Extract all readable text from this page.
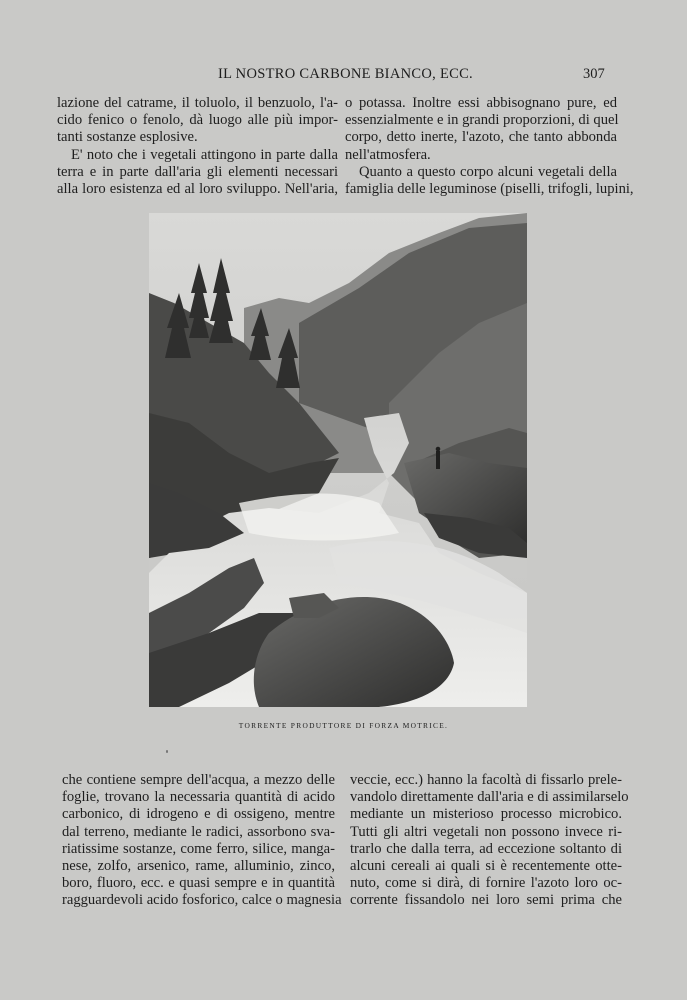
IL NOSTRO CARBONE BIANCO, ECC.	307
lazione del catrame, il toluolo, il benzuolo, l'a-
cido fenico o fenolo, dà luogo alle più impor-
tanti sostanze esplosive.
E' noto che i vegetali attingono in parte dalla
terra e in parte dall'aria gli elementi necessari
alla loro esistenza ed al loro sviluppo. Nell'aria,
o potassa. Inoltre essi abbisognano pure, ed
essenzialmente e in grandi proporzioni, di quel
corpo, detto inerte, l'azoto, che tanto abbonda
nell'atmosfera.
Quanto a questo corpo alcuni vegetali della
famiglia delle leguminose (piselli, trifogli, lupini,
TORRENTE PRODUTTORE DI FORZA MOTRICE.
che contiene sempre dell'acqua, a mezzo delle
foglie, trovano la necessaria quantità di acido
carbonico, di idrogeno e di ossigeno, mentre
dal terreno, mediante le radici, assorbono sva-
riatissime sostanze, come ferro, silice, manga-
nese, zolfo, arsenico, rame, alluminio, zinco,
boro, fluoro, ecc. e quasi sempre e in quantità
ragguardevoli acido fosforico, calce o magnesia
veccie, ecc.) hanno la facoltà di fissarlo prele-
vandolo direttamente dall'aria e di assimilarselo
mediante un misterioso processo microbico.
Tutti gli altri vegetali non possono invece ri-
trarlo che dalla terra, ad eccezione soltanto di
alcuni cereali ai quali si è recentemente otte-
nuto, come si dirà, di fornire l'azoto loro oc-
corrente fissandolo nei loro semi prima che
